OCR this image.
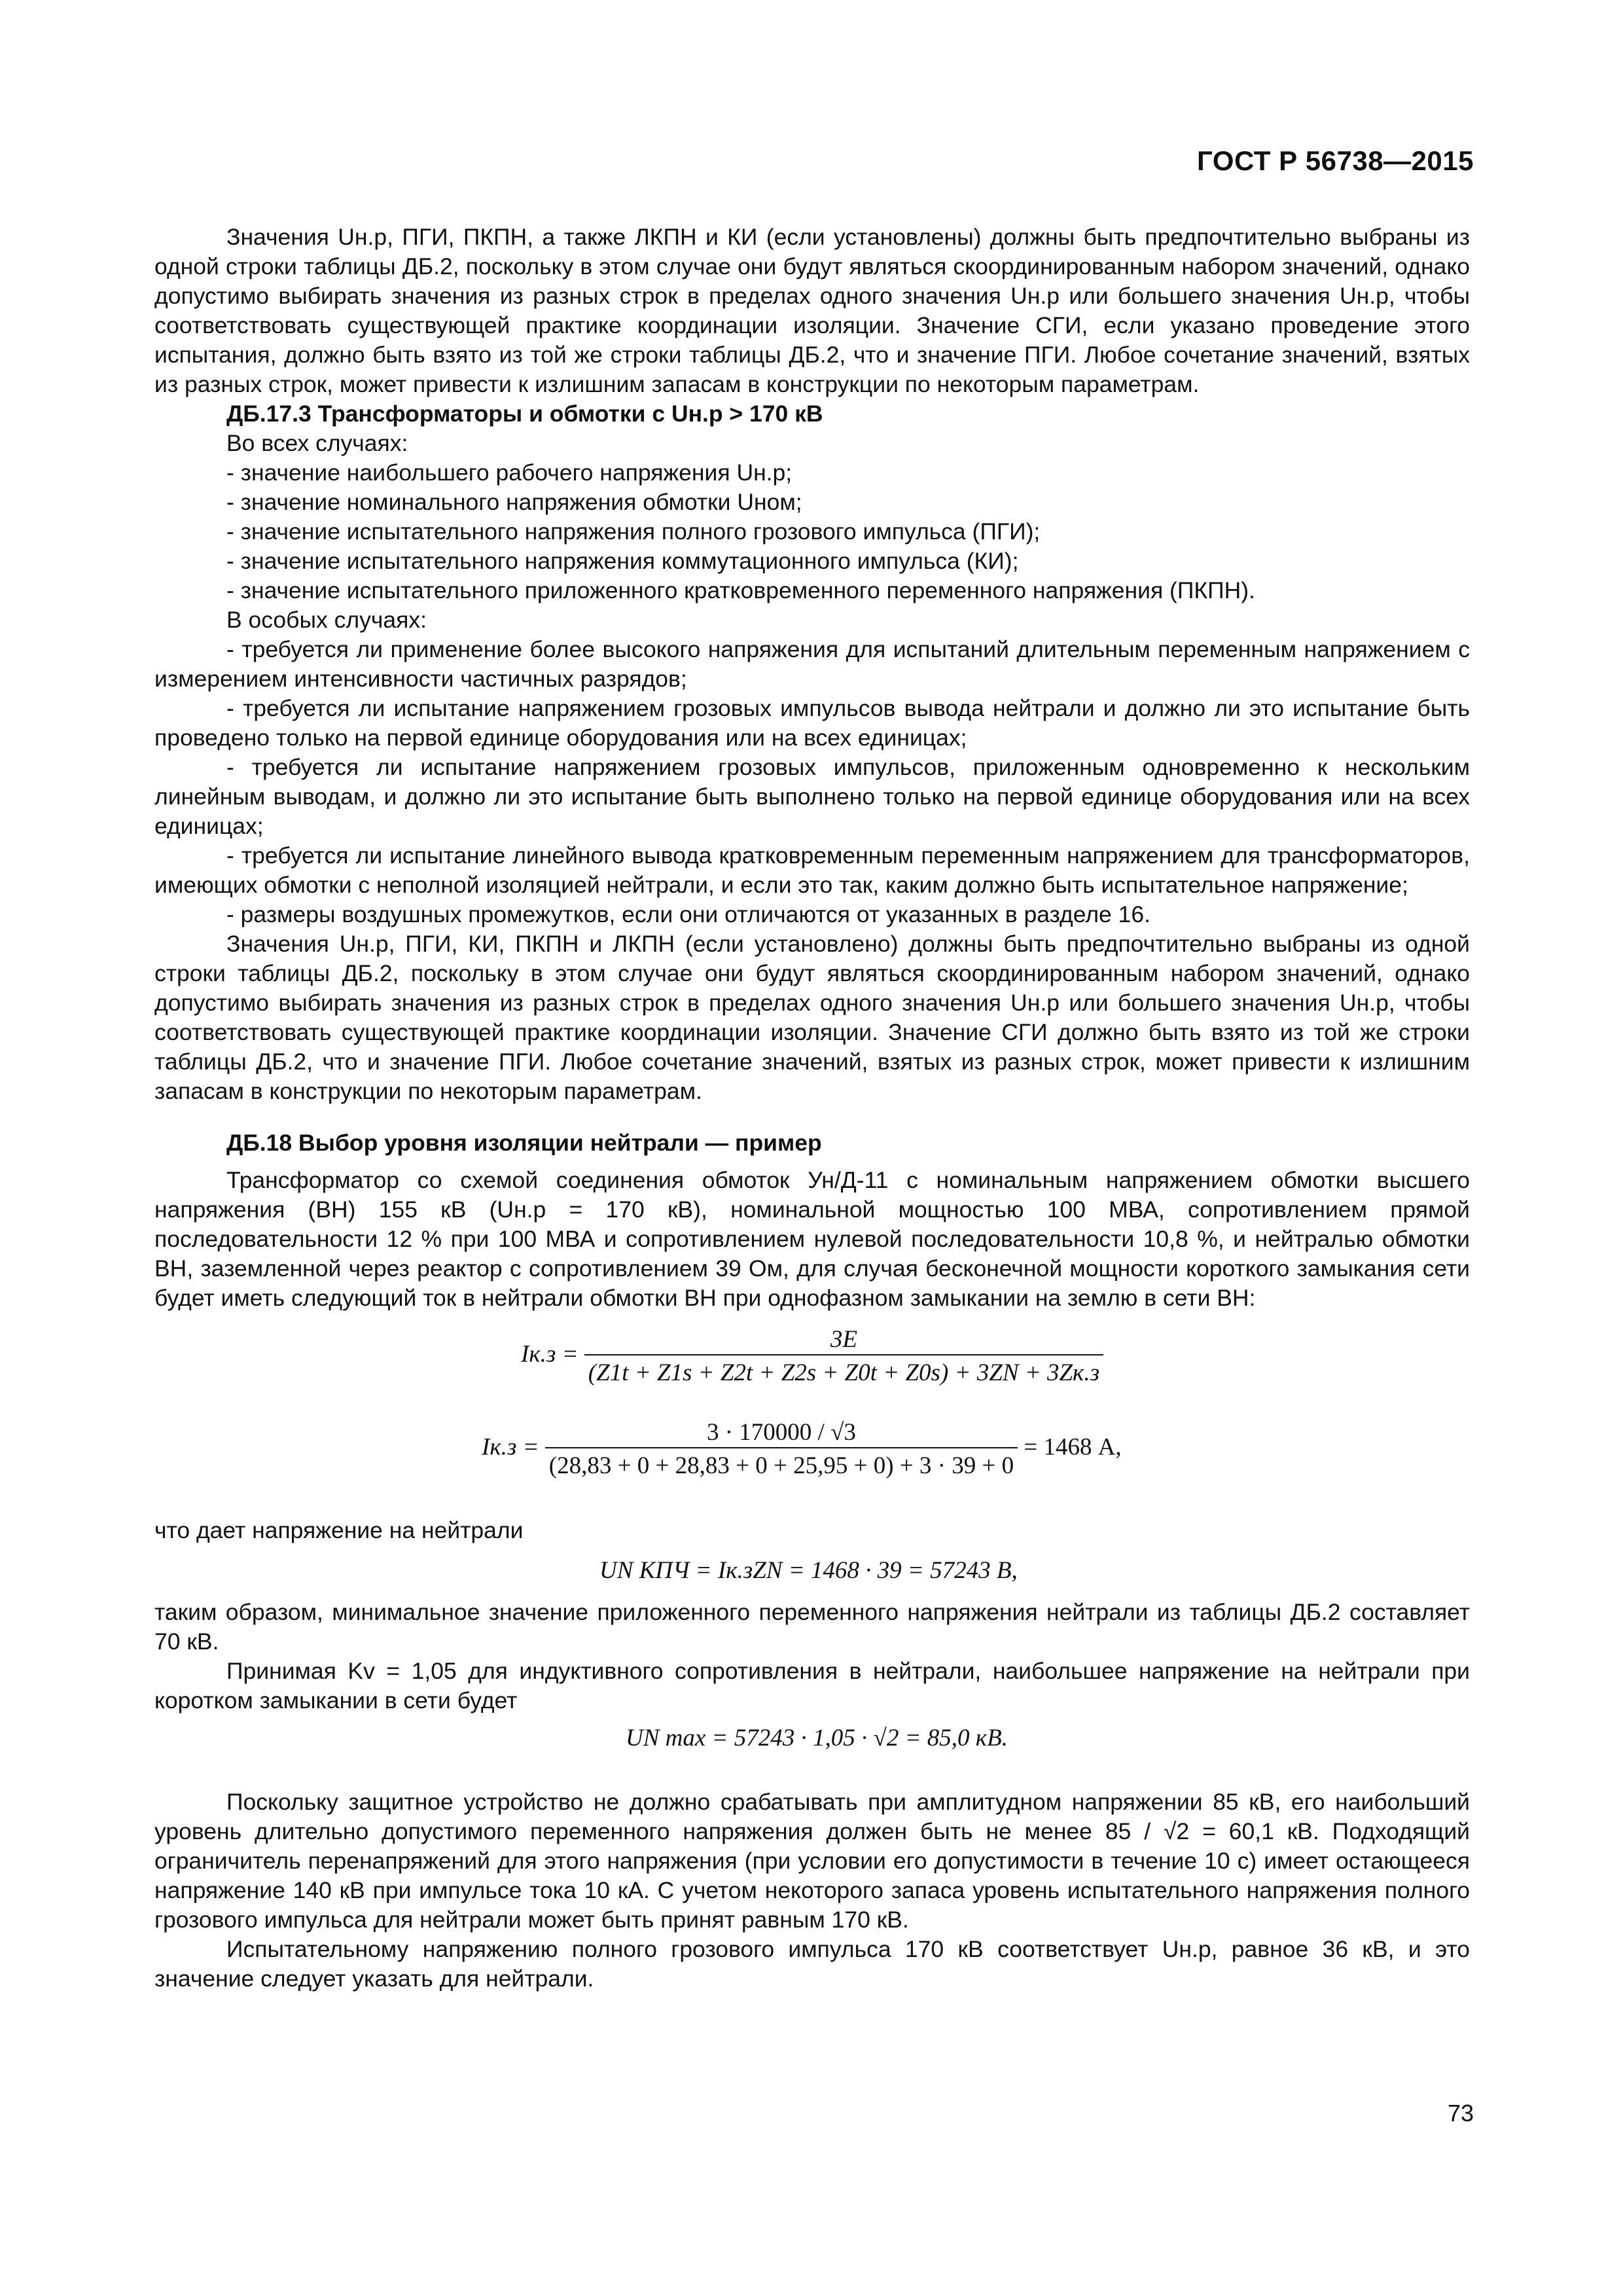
ГОСТ Р 56738—2015

Значения Uн.р, ПГИ, ПКПН, а также ЛКПН и КИ (если установлены) должны быть предпочтительно выбраны из одной строки таблицы ДБ.2, поскольку в этом случае они будут являться скоординированным набором значений, однако допустимо выбирать значения из разных строк в пределах одного значения Uн.р или большего значения Uн.р, чтобы соответствовать существующей практике координации изоляции. Значение СГИ, если указано проведение этого испытания, должно быть взято из той же строки таблицы ДБ.2, что и значение ПГИ. Любое сочетание значений, взятых из разных строк, может привести к излишним запасам в конструкции по некоторым параметрам.

ДБ.17.3 Трансформаторы и обмотки с Uн.р > 170 кВ

Во всех случаях:

- значение наибольшего рабочего напряжения Uн.р;

- значение номинального напряжения обмотки Uном;

- значение испытательного напряжения полного грозового импульса (ПГИ);

- значение испытательного напряжения коммутационного импульса (КИ);

- значение испытательного приложенного кратковременного переменного напряжения (ПКПН).

В особых случаях:

- требуется ли применение более высокого напряжения для испытаний длительным переменным напряжением с измерением интенсивности частичных разрядов;

- требуется ли испытание напряжением грозовых импульсов вывода нейтрали и должно ли это испытание быть проведено только на первой единице оборудования или на всех единицах;

- требуется ли испытание напряжением грозовых импульсов, приложенным одновременно к нескольким линейным выводам, и должно ли это испытание быть выполнено только на первой единице оборудования или на всех единицах;

- требуется ли испытание линейного вывода кратковременным переменным напряжением для трансформаторов, имеющих обмотки с неполной изоляцией нейтрали, и если это так, каким должно быть испытательное напряжение;

- размеры воздушных промежутков, если они отличаются от указанных в разделе 16.

Значения Uн.р, ПГИ, КИ, ПКПН и ЛКПН (если установлено) должны быть предпочтительно выбраны из одной строки таблицы ДБ.2, поскольку в этом случае они будут являться скоординированным набором значений, однако допустимо выбирать значения из разных строк в пределах одного значения Uн.р или большего значения Uн.р, чтобы соответствовать существующей практике координации изоляции. Значение СГИ должно быть взято из той же строки таблицы ДБ.2, что и значение ПГИ. Любое сочетание значений, взятых из разных строк, может привести к излишним запасам в конструкции по некоторым параметрам.

ДБ.18 Выбор уровня изоляции нейтрали — пример

Трансформатор со схемой соединения обмоток Ун/Д-11 с номинальным напряжением обмотки высшего напряжения (ВН) 155 кВ (Uн.р = 170 кВ), номинальной мощностью 100 МВА, сопротивлением прямой последовательности 12 % при 100 МВА и сопротивлением нулевой последовательности 10,8 %, и нейтралью обмотки ВН, заземленной через реактор с сопротивлением 39 Ом, для случая бесконечной мощности короткого замыкания сети будет иметь следующий ток в нейтрали обмотки ВН при однофазном замыкании на землю в сети ВН:

$Iк.з = \frac{3E}{(Z1t + Z1s + Z2t + Z2s + Z0t + Z0s) + 3ZN + 3Zк.з}$
$Iк.з = \frac{3 \cdot 170000 / √3}{(28,83 + 0 + 28,83 + 0 + 25,95 + 0) + 3 \cdot 39 + 0} = 1468$ А,

что дает напряжение на нейтрали

UN КПЧ = Iк.зZN = 1468 · 39 = 57243 В,

таким образом, минимальное значение приложенного переменного напряжения нейтрали из таблицы ДБ.2 составляет 70 кВ.

Принимая Kv = 1,05 для индуктивного сопротивления в нейтрали, наибольшее напряжение на нейтрали при коротком замыкании в сети будет

UN max = 57243 · 1,05 · √2 = 85,0 кВ.

Поскольку защитное устройство не должно срабатывать при амплитудном напряжении 85 кВ, его наибольший уровень длительно допустимого переменного напряжения должен быть не менее 85 / √2 = 60,1 кВ. Подходящий ограничитель перенапряжений для этого напряжения (при условии его допустимости в течение 10 с) имеет остающееся напряжение 140 кВ при импульсе тока 10 кА. С учетом некоторого запаса уровень испытательного напряжения полного грозового импульса для нейтрали может быть принят равным 170 кВ.

Испытательному напряжению полного грозового импульса 170 кВ соответствует Uн.р, равное 36 кВ, и это значение следует указать для нейтрали.

73
